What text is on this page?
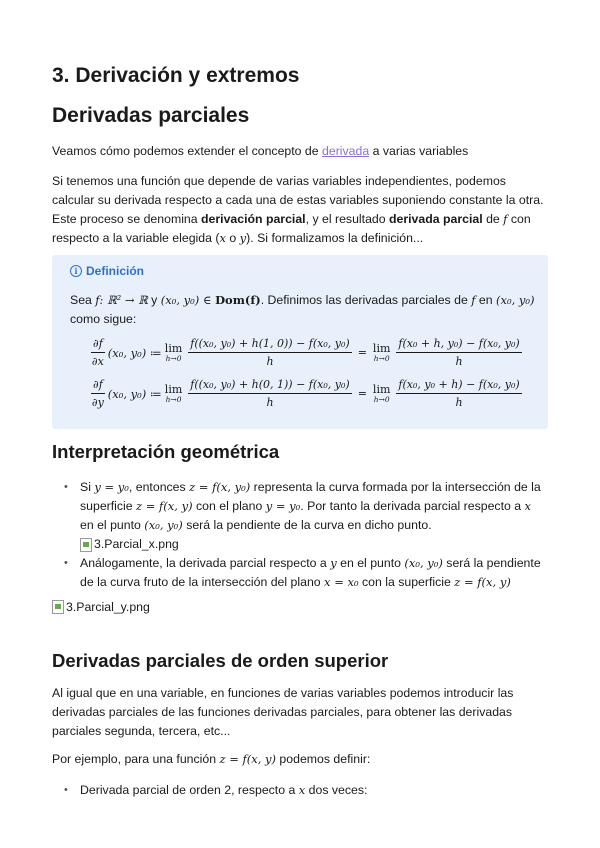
3. Derivación y extremos
Derivadas parciales

Veamos cómo podemos extender el concepto de derivada a varias variables

Si tenemos una función que depende de varias variables independientes, podemos calcular su derivada respecto a cada una de estas variables suponiendo constante la otra. Este proceso se denomina derivación parcial, y el resultado derivada parcial de f con respecto a la variable elegida (x o y). Si formalizamos la definición...

i Definición

Sea f: ℝ² → ℝ y (x₀, y₀) ∈ Dom(f). Definimos las derivadas parciales de f en (x₀, y₀) como sigue:

$\frac{\partial f}{\partial x} (x_0$, y₀) ≔ lim
$h\to 0 \frac{\text{f((x₀, y₀) + h(1, 0)) − f(x₀, y₀)}}{h} = \lim$
$h\to 0 \frac{\text{f(x₀ + h, y₀) − f(x₀, y₀)}}{h}$
$\frac{\partial f}{\partial y} (x_0$, y₀) ≔ lim
$h\to 0 \frac{\text{f((x₀, y₀) + h(0, 1)) − f(x₀, y₀)}}{h} = \lim$
$h\to 0 \frac{\text{f(x₀, y₀ + h) − f(x₀, y₀)}}{h}$
Interpretación geométrica
• Si y = y₀, entonces z = f(x, y₀) representa la curva formada por la intersección de la superficie z = f(x, y) con el plano y = y₀. Por tanto la derivada parcial respecto a x en el punto (x₀, y₀) será la pendiente de la curva en dicho punto.
3.Parcial_x.png
• Análogamente, la derivada parcial respecto a y en el punto (x₀, y₀) será la pendiente de la curva fruto de la intersección del plano x = x₀ con la superficie z = f(x, y)
3.Parcial_y.png
Derivadas parciales de orden superior

Al igual que en una variable, en funciones de varias variables podemos introducir las derivadas parciales de las funciones derivadas parciales, para obtener las derivadas parciales segunda, tercera, etc...

Por ejemplo, para una función z = f(x, y) podemos definir:

• Derivada parcial de orden 2, respecto a x dos veces:
